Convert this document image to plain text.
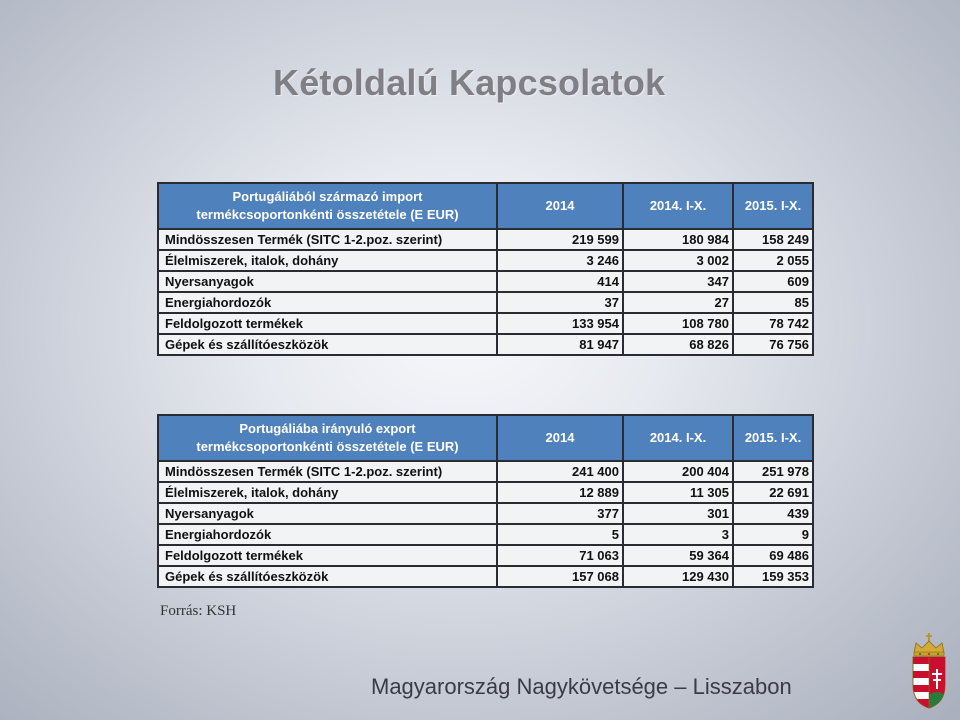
Kétoldalú Kapcsolatok
Portugáliából származó import
termékcsoportonkénti összetétele (E EUR)	2014	2014. I-X.	2015. I-X.
Mindösszesen Termék (SITC 1-2.poz. szerint)	219 599	180 984	158 249
Élelmiszerek, italok, dohány	3 246	3 002	2 055
Nyersanyagok	414	347	609
Energiahordozók	37	27	85
Feldolgozott termékek	133 954	108 780	78 742
Gépek és szállítóeszközök	81 947	68 826	76 756
Portugáliába irányuló export
termékcsoportonkénti összetétele (E EUR)	2014	2014. I-X.	2015. I-X.
Mindösszesen Termék (SITC 1-2.poz. szerint)	241 400	200 404	251 978
Élelmiszerek, italok, dohány	12 889	11 305	22 691
Nyersanyagok	377	301	439
Energiahordozók	5	3	9
Feldolgozott termékek	71 063	59 364	69 486
Gépek és szállítóeszközök	157 068	129 430	159 353
Forrás: KSH
Magyarország Nagykövetsége – Lisszabon
